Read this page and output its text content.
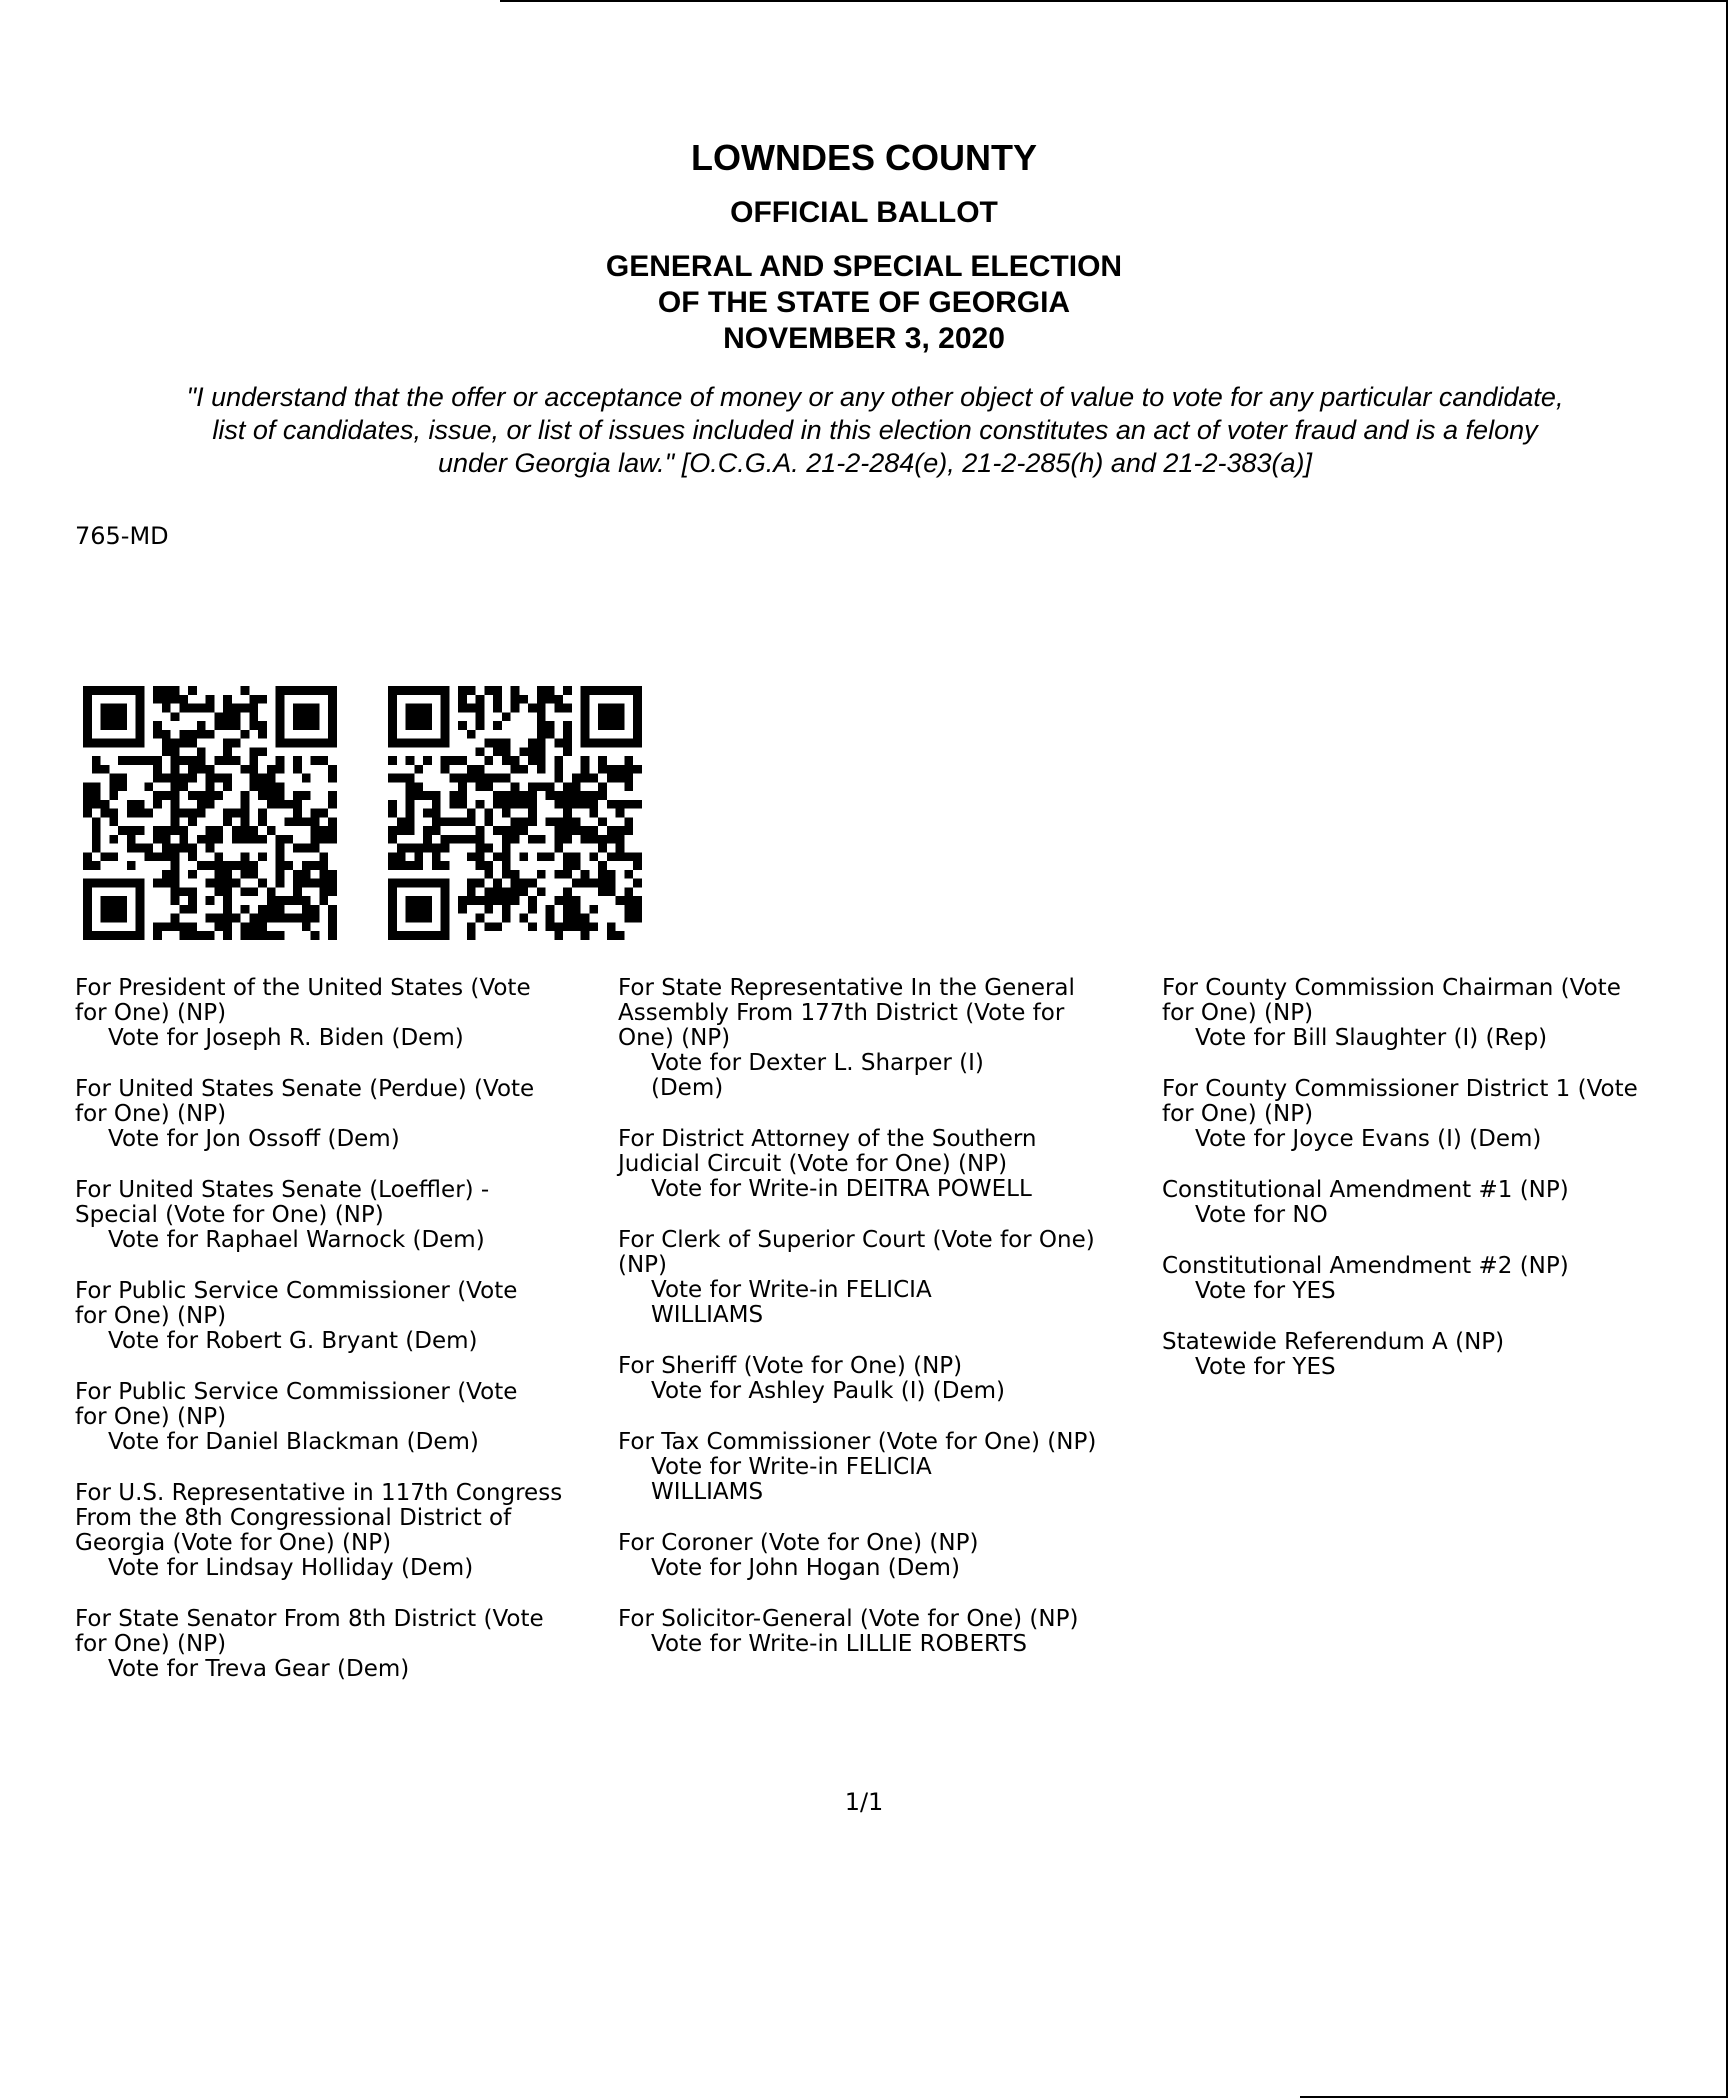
LOWNDES COUNTY
OFFICIAL BALLOT
GENERAL AND SPECIAL ELECTION
OF THE STATE OF GEORGIA
NOVEMBER 3, 2020
"I understand that the offer or acceptance of money or any other object of value to vote for any particular candidate,
list of candidates, issue, or list of issues included in this election constitutes an act of voter fraud and is a felony
under Georgia law." [O.C.G.A. 21-2-284(e), 21-2-285(h) and 21-2-383(a)]
765-MD
For President of the United States (Vote
for One) (NP)
Vote for Joseph R. Biden (Dem)
For United States Senate (Perdue) (Vote
for One) (NP)
Vote for Jon Ossoff (Dem)
For United States Senate (Loeffler) -
Special (Vote for One) (NP)
Vote for Raphael Warnock (Dem)
For Public Service Commissioner (Vote
for One) (NP)
Vote for Robert G. Bryant (Dem)
For Public Service Commissioner (Vote
for One) (NP)
Vote for Daniel Blackman (Dem)
For U.S. Representative in 117th Congress
From the 8th Congressional District of
Georgia (Vote for One) (NP)
Vote for Lindsay Holliday (Dem)
For State Senator From 8th District (Vote
for One) (NP)
Vote for Treva Gear (Dem)
For State Representative In the General
Assembly From 177th District (Vote for
One) (NP)
Vote for Dexter L. Sharper (I)
(Dem)
For District Attorney of the Southern
Judicial Circuit (Vote for One) (NP)
Vote for Write-in DEITRA POWELL
For Clerk of Superior Court (Vote for One)
(NP)
Vote for Write-in FELICIA
WILLIAMS
For Sheriff (Vote for One) (NP)
Vote for Ashley Paulk (I) (Dem)
For Tax Commissioner (Vote for One) (NP)
Vote for Write-in FELICIA
WILLIAMS
For Coroner (Vote for One) (NP)
Vote for John Hogan (Dem)
For Solicitor-General (Vote for One) (NP)
Vote for Write-in LILLIE ROBERTS
For County Commission Chairman (Vote
for One) (NP)
Vote for Bill Slaughter (I) (Rep)
For County Commissioner District 1 (Vote
for One) (NP)
Vote for Joyce Evans (I) (Dem)
Constitutional Amendment #1 (NP)
Vote for NO
Constitutional Amendment #2 (NP)
Vote for YES
Statewide Referendum A (NP)
Vote for YES
1/1
